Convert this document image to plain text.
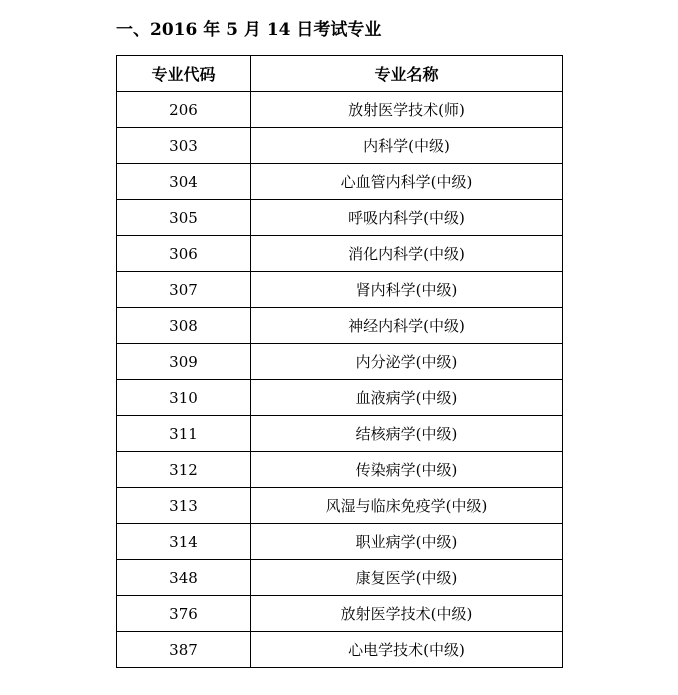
一、2016 年 5 月 14 日考试专业
专业代码	专业名称
206	放射医学技术(师)
303	内科学(中级)
304	心血管内科学(中级)
305	呼吸内科学(中级)
306	消化内科学(中级)
307	肾内科学(中级)
308	神经内科学(中级)
309	内分泌学(中级)
310	血液病学(中级)
311	结核病学(中级)
312	传染病学(中级)
313	风湿与临床免疫学(中级)
314	职业病学(中级)
348	康复医学(中级)
376	放射医学技术(中级)
387	心电学技术(中级)
